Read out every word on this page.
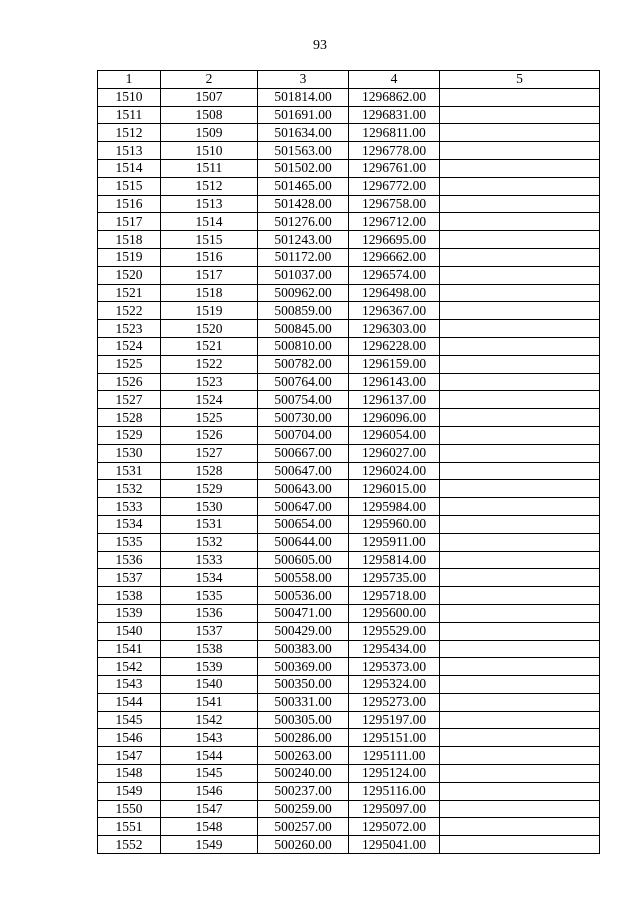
93
1	2	3	4	5
1510	1507	501814.00	1296862.00	
1511	1508	501691.00	1296831.00	
1512	1509	501634.00	1296811.00	
1513	1510	501563.00	1296778.00	
1514	1511	501502.00	1296761.00	
1515	1512	501465.00	1296772.00	
1516	1513	501428.00	1296758.00	
1517	1514	501276.00	1296712.00	
1518	1515	501243.00	1296695.00	
1519	1516	501172.00	1296662.00	
1520	1517	501037.00	1296574.00	
1521	1518	500962.00	1296498.00	
1522	1519	500859.00	1296367.00	
1523	1520	500845.00	1296303.00	
1524	1521	500810.00	1296228.00	
1525	1522	500782.00	1296159.00	
1526	1523	500764.00	1296143.00	
1527	1524	500754.00	1296137.00	
1528	1525	500730.00	1296096.00	
1529	1526	500704.00	1296054.00	
1530	1527	500667.00	1296027.00	
1531	1528	500647.00	1296024.00	
1532	1529	500643.00	1296015.00	
1533	1530	500647.00	1295984.00	
1534	1531	500654.00	1295960.00	
1535	1532	500644.00	1295911.00	
1536	1533	500605.00	1295814.00	
1537	1534	500558.00	1295735.00	
1538	1535	500536.00	1295718.00	
1539	1536	500471.00	1295600.00	
1540	1537	500429.00	1295529.00	
1541	1538	500383.00	1295434.00	
1542	1539	500369.00	1295373.00	
1543	1540	500350.00	1295324.00	
1544	1541	500331.00	1295273.00	
1545	1542	500305.00	1295197.00	
1546	1543	500286.00	1295151.00	
1547	1544	500263.00	1295111.00	
1548	1545	500240.00	1295124.00	
1549	1546	500237.00	1295116.00	
1550	1547	500259.00	1295097.00	
1551	1548	500257.00	1295072.00	
1552	1549	500260.00	1295041.00	
